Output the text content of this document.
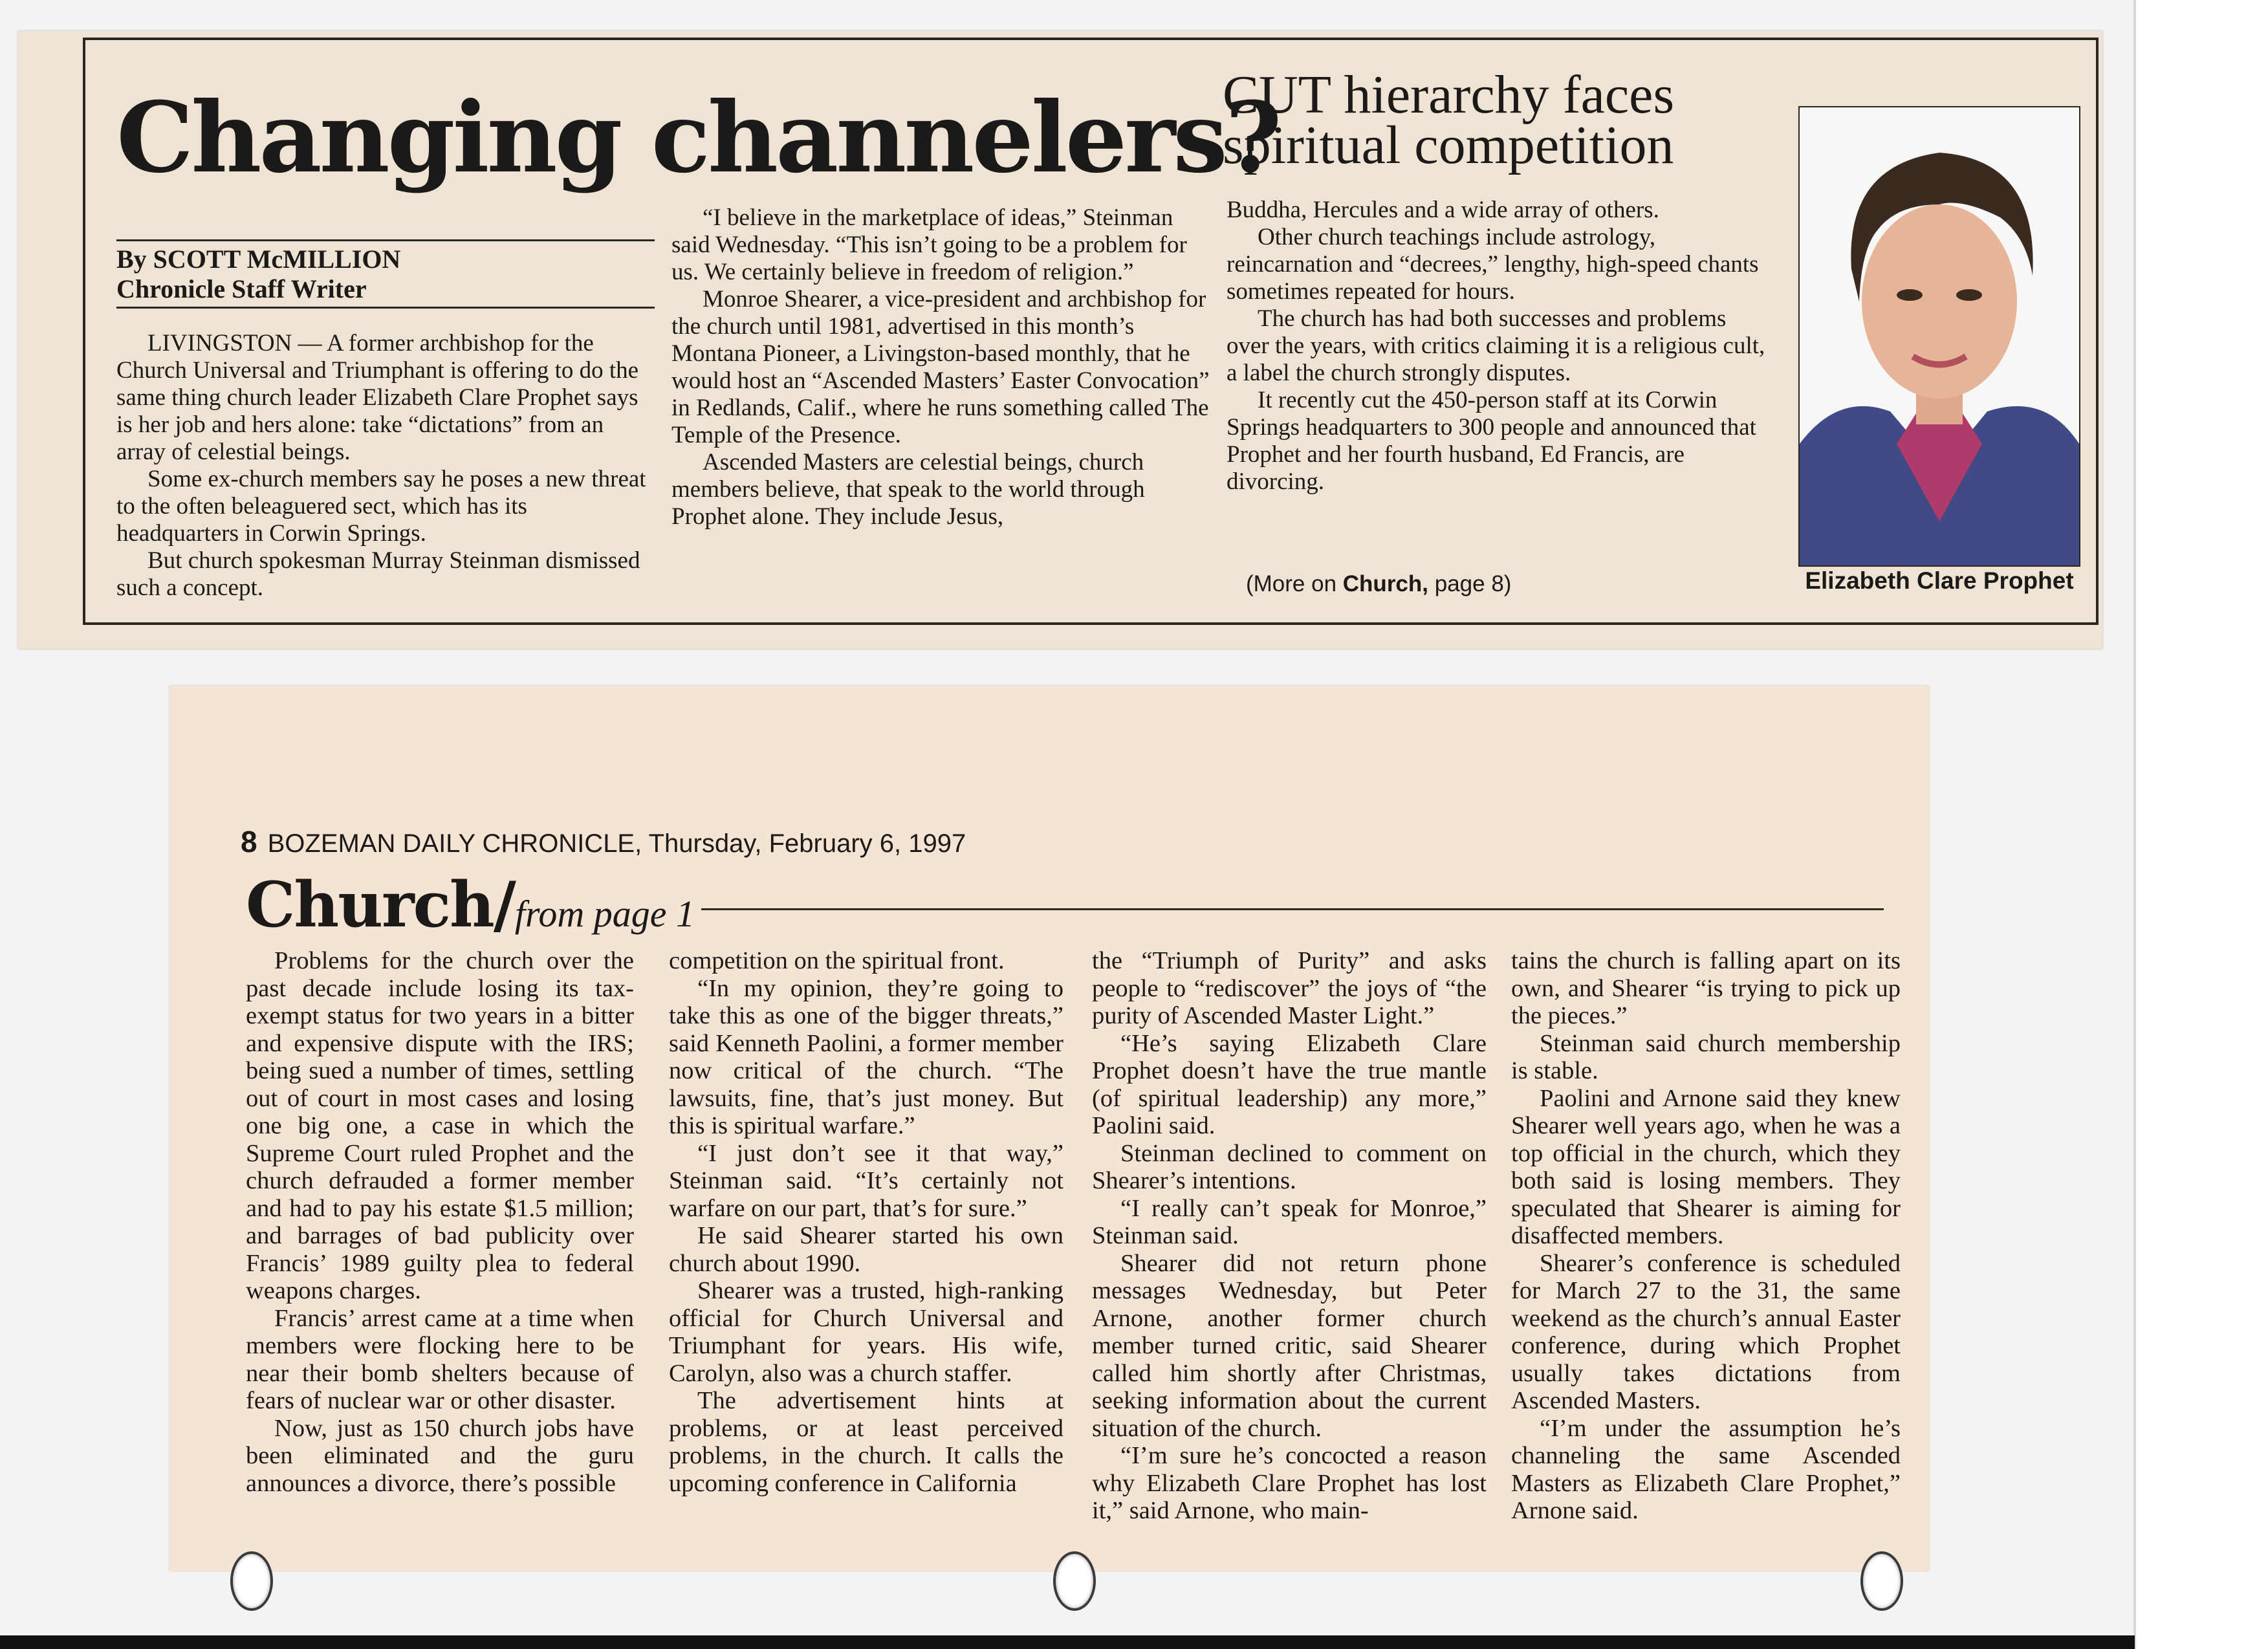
Changing channelers?
CUT hierarchy faces spiritual competition
By SCOTT McMILLION
Chronicle Staff Writer

LIVINGSTON — A former archbishop for the Church Universal and Triumphant is offering to do the same thing church leader Elizabeth Clare Prophet says is her job and hers alone: take “dictations” from an array of celestial beings.

Some ex-church members say he poses a new threat to the often beleaguered sect, which has its headquarters in Corwin Springs.

But church spokesman Murray Steinman dismissed such a concept.

“I believe in the marketplace of ideas,” Steinman said Wednesday. “This isn’t going to be a problem for us. We certainly believe in freedom of religion.”

Monroe Shearer, a vice-president and archbishop for the church until 1981, advertised in this month’s Montana Pioneer, a Livingston-based monthly, that he would host an “Ascended Masters’ Easter Convocation” in Redlands, Calif., where he runs something called The Temple of the Presence.

Ascended Masters are celestial beings, church members believe, that speak to the world through Prophet alone. They include Jesus,

Buddha, Hercules and a wide array of others.

Other church teachings include astrology, reincarnation and “decrees,” lengthy, high-speed chants sometimes repeated for hours.

The church has had both successes and problems over the years, with critics claiming it is a religious cult, a label the church strongly disputes.

It recently cut the 450-person staff at its Corwin Springs headquarters to 300 people and announced that Prophet and her fourth husband, Ed Francis, are divorcing.

(More on Church, page 8)	Elizabeth Clare Prophet
8 BOZEMAN DAILY CHRONICLE, Thursday, February 6, 1997
Church/from page 1

Problems for the church over the past decade include losing its tax-exempt status for two years in a bitter and expensive dispute with the IRS; being sued a number of times, settling out of court in most cases and losing one big one, a case in which the Supreme Court ruled Prophet and the church defrauded a former member and had to pay his estate $1.5 million; and barrages of bad publicity over Francis’ 1989 guilty plea to federal weapons charges.

Francis’ arrest came at a time when members were flocking here to be near their bomb shelters because of fears of nuclear war or other disaster.

Now, just as 150 church jobs have been eliminated and the guru announces a divorce, there’s possible

competition on the spiritual front.

“In my opinion, they’re going to take this as one of the bigger threats,” said Kenneth Paolini, a former member now critical of the church. “The lawsuits, fine, that’s just money. But this is spiritual warfare.”

“I just don’t see it that way,” Steinman said. “It’s certainly not warfare on our part, that’s for sure.”

He said Shearer started his own church about 1990.

Shearer was a trusted, high-ranking official for Church Universal and Triumphant for years. His wife, Carolyn, also was a church staffer.

The advertisement hints at problems, or at least perceived problems, in the church. It calls the upcoming conference in California

the “Triumph of Purity” and asks people to “rediscover” the joys of “the purity of Ascended Master Light.”

“He’s saying Elizabeth Clare Prophet doesn’t have the true mantle (of spiritual leadership) any more,” Paolini said.

Steinman declined to comment on Shearer’s intentions.

“I really can’t speak for Monroe,” Steinman said.

Shearer did not return phone messages Wednesday, but Peter Arnone, another former church member turned critic, said Shearer called him shortly after Christmas, seeking information about the current situation of the church.

“I’m sure he’s concocted a reason why Elizabeth Clare Prophet has lost it,” said Arnone, who main-

tains the church is falling apart on its own, and Shearer “is trying to pick up the pieces.”

Steinman said church membership is stable.

Paolini and Arnone said they knew Shearer well years ago, when he was a top official in the church, which they both said is losing members. They speculated that Shearer is aiming for disaffected members.

Shearer’s conference is scheduled for March 27 to the 31, the same weekend as the church’s annual Easter conference, during which Prophet usually takes dictations from Ascended Masters.

“I’m under the assumption he’s channeling the same Ascended Masters as Elizabeth Clare Prophet,” Arnone said.
